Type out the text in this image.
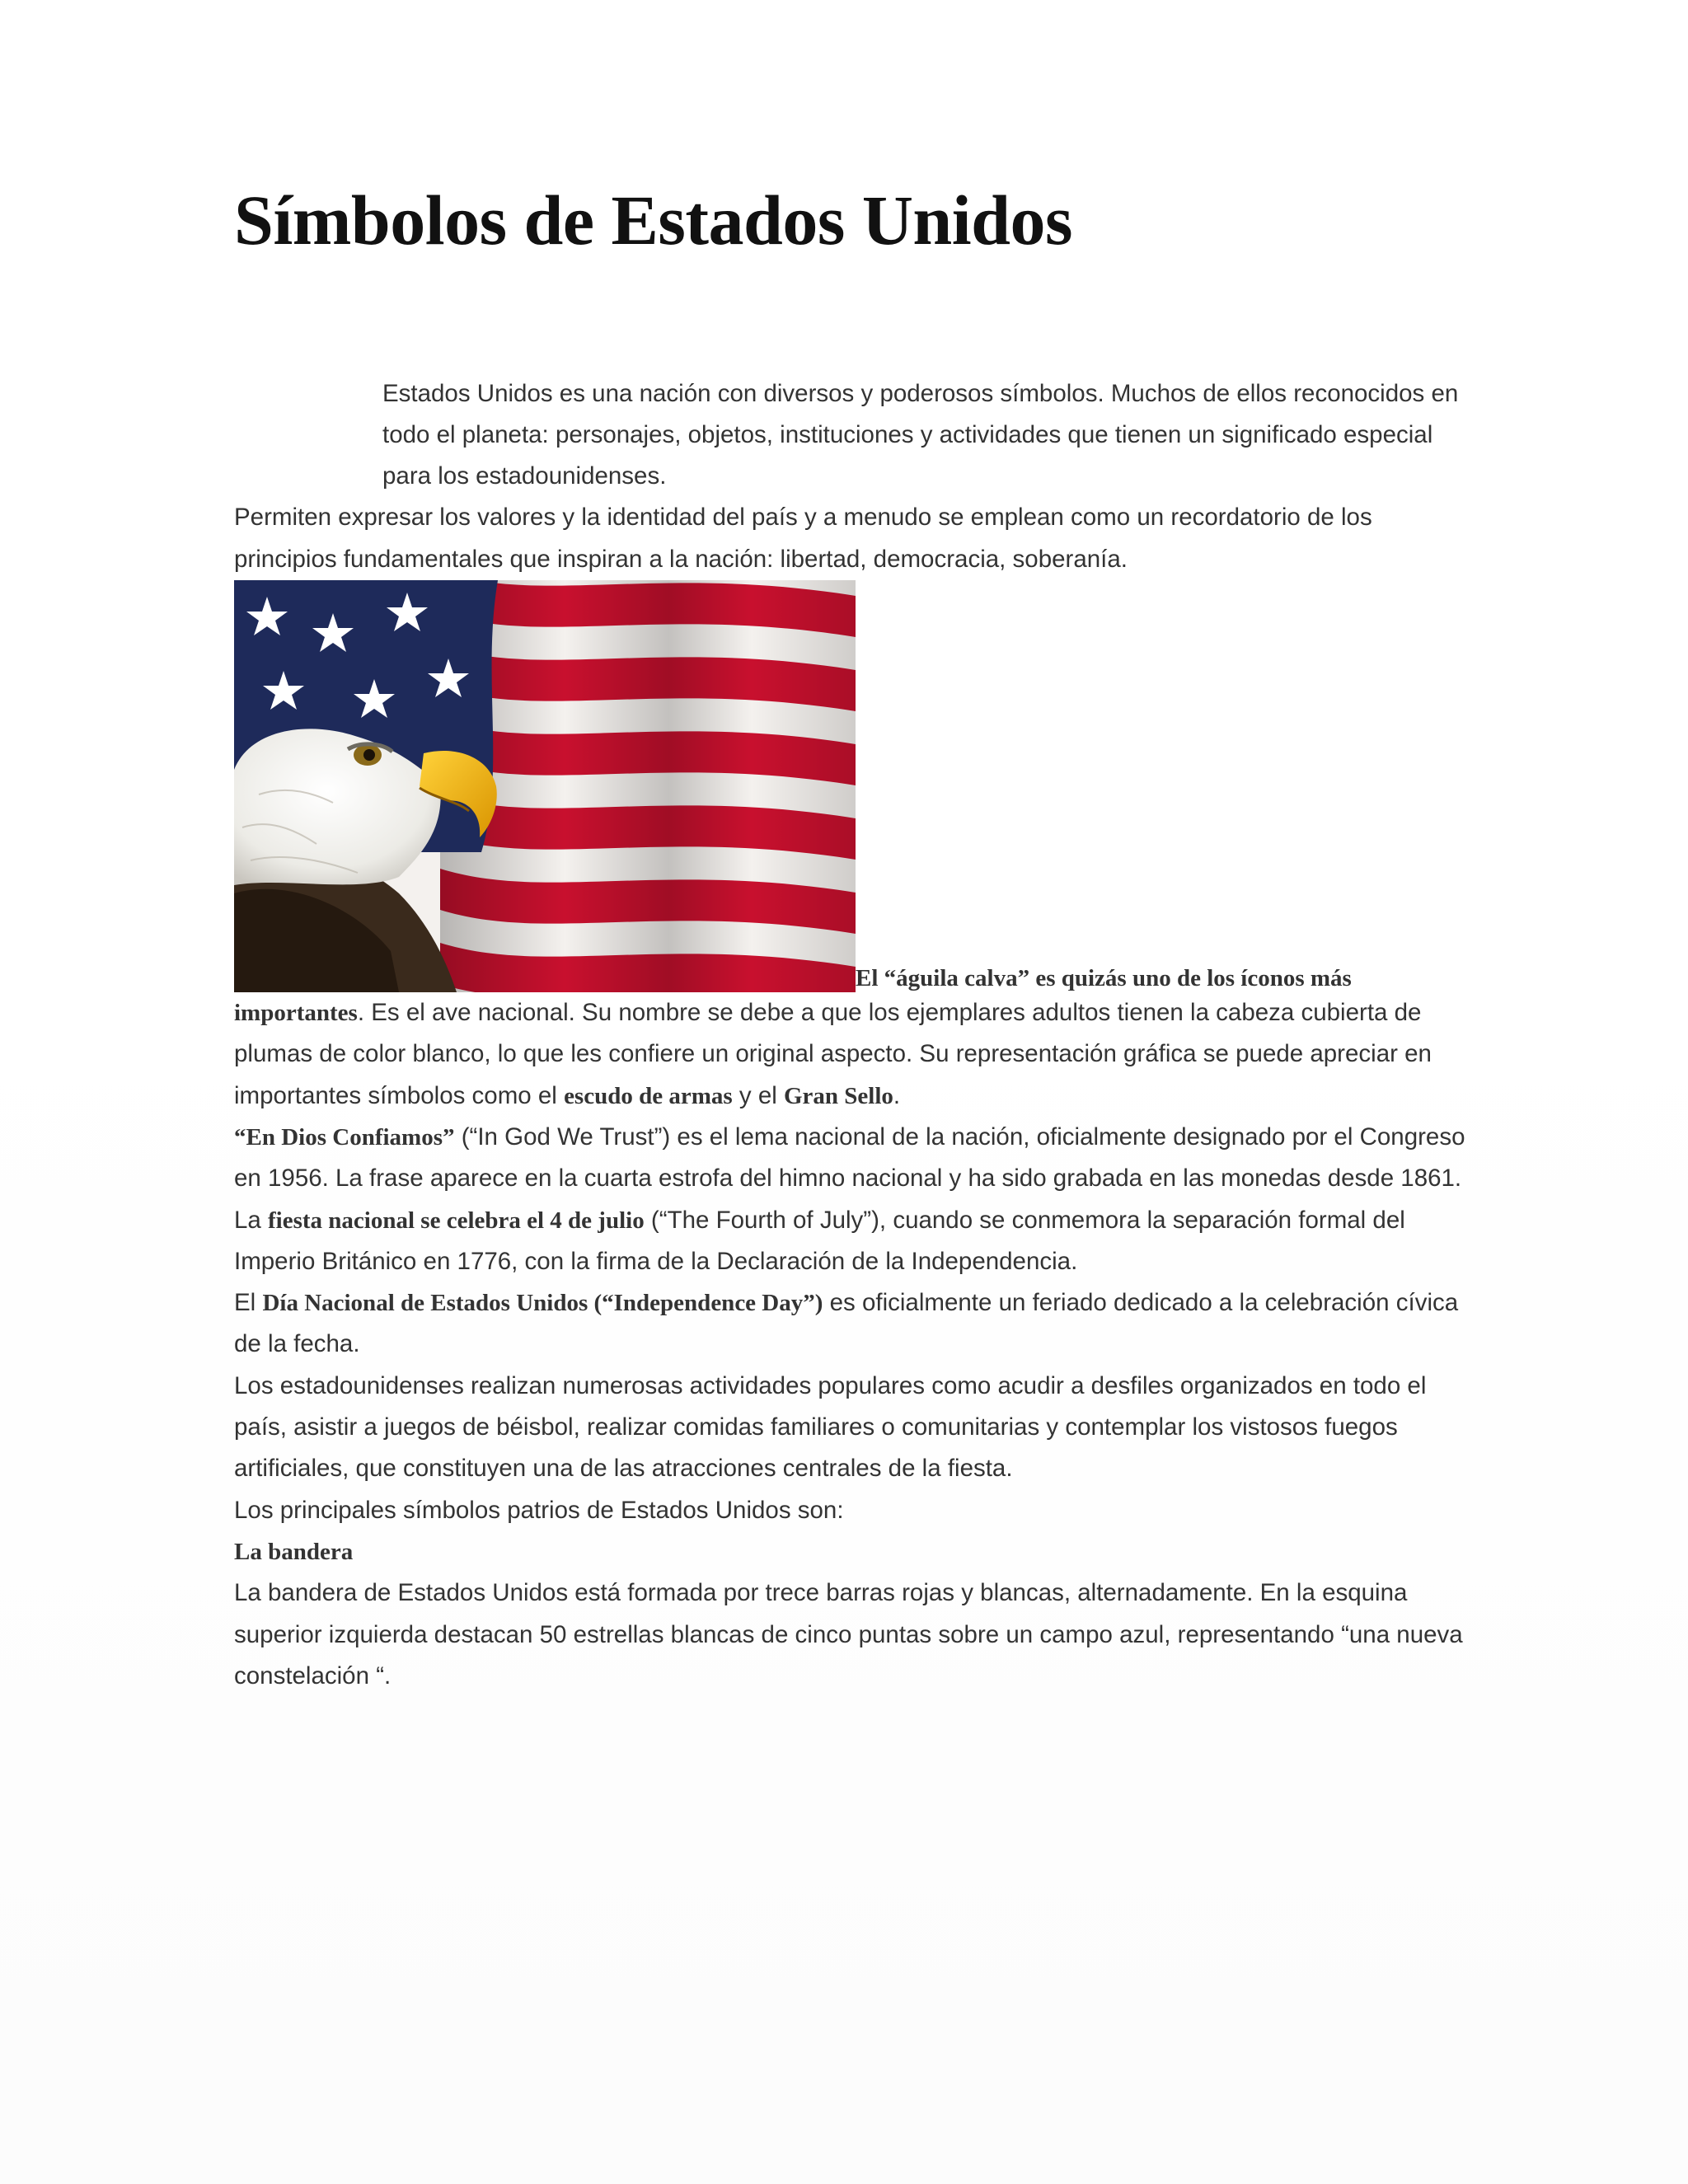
Símbolos de Estados Unidos

Estados Unidos es una nación con diversos y poderosos símbolos. Muchos de ellos reconocidos en todo el planeta: personajes, objetos, instituciones y actividades que tienen un significado especial para los estadounidenses.

Permiten expresar los valores y la identidad del país y a menudo se emplean como un recordatorio de los principios fundamentales que inspiran a la nación: libertad, democracia, soberanía.

El “águila calva” es quizás uno de los íconos más

importantes. Es el ave nacional. Su nombre se debe a que los ejemplares adultos tienen la cabeza cubierta de plumas de color blanco, lo que les confiere un original aspecto. Su representación gráfica se puede apreciar en importantes símbolos como el escudo de armas y el Gran Sello.

“En Dios Confiamos” (“In God We Trust”) es el lema nacional de la nación, oficialmente designado por el Congreso en 1956. La frase aparece en la cuarta estrofa del himno nacional y ha sido grabada en las monedas desde 1861.

La fiesta nacional se celebra el 4 de julio (“The Fourth of July”), cuando se conmemora la separación formal del Imperio Británico en 1776, con la firma de la Declaración de la Independencia.

El Día Nacional de Estados Unidos (“Independence Day”) es oficialmente un feriado dedicado a la celebración cívica de la fecha.

Los estadounidenses realizan numerosas actividades populares como acudir a desfiles organizados en todo el país, asistir a juegos de béisbol, realizar comidas familiares o comunitarias y contemplar los vistosos fuegos artificiales, que constituyen una de las atracciones centrales de la fiesta.

Los principales símbolos patrios de Estados Unidos son:

La bandera

La bandera de Estados Unidos está formada por trece barras rojas y blancas, alternadamente. En la esquina superior izquierda destacan 50 estrellas blancas de cinco puntas sobre un campo azul, representando “una nueva constelación “.
